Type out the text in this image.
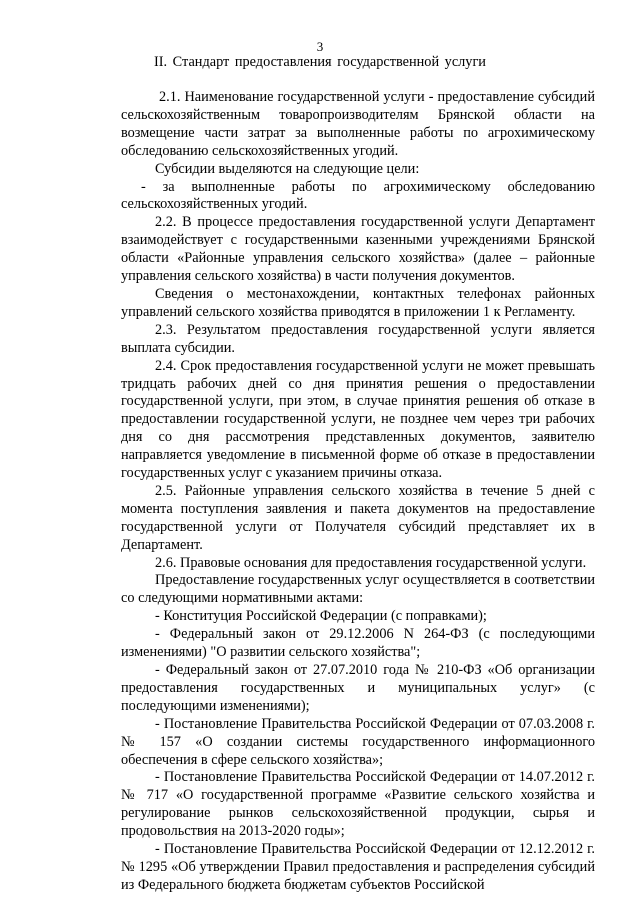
3
II. Стандарт предоставления государственной услуги

2.1. Наименование государственной услуги - предоставление субсидий сельскохозяйственным товаропроизводителям Брянской области на возмещение части затрат за выполненные работы по агрохимическому обследованию сельскохозяйственных угодий.

Субсидии выделяются на следующие цели:

- за выполненные работы по агрохимическому обследованию сельскохозяйственных угодий.

2.2. В процессе предоставления государственной услуги Департамент взаимодействует с государственными казенными учреждениями Брянской области «Районные управления сельского хозяйства» (далее – районные управления сельского хозяйства) в части получения документов.

Сведения о местонахождении, контактных телефонах районных управлений сельского хозяйства приводятся в приложении 1 к Регламенту.

2.3. Результатом предоставления государственной услуги является выплата субсидии.

2.4. Срок предоставления государственной услуги не может превышать тридцать рабочих дней со дня принятия решения о предоставлении государственной услуги, при этом, в случае принятия решения об отказе в предоставлении государственной услуги, не позднее чем через три рабочих дня со дня рассмотрения представленных документов, заявителю направляется уведомление в письменной форме об отказе в предоставлении государственных услуг с указанием причины отказа.

2.5. Районные управления сельского хозяйства в течение 5 дней с момента поступления заявления и пакета документов на предоставление государственной услуги от Получателя субсидий представляет их в Департамент.

2.6. Правовые основания для предоставления государственной услуги.

Предоставление государственных услуг осуществляется в соответствии со следующими нормативными актами:

- Конституция Российской Федерации (с поправками);

- Федеральный закон от 29.12.2006 N 264-ФЗ (с последующими изменениями) "О развитии сельского хозяйства";

- Федеральный закон от 27.07.2010 года № 210-ФЗ «Об организации предоставления государственных и муниципальных услуг» (с последующими изменениями);

- Постановление Правительства Российской Федерации от 07.03.2008 г. № 157 «О создании системы государственного информационного обеспечения в сфере сельского хозяйства»;

- Постановление Правительства Российской Федерации от 14.07.2012 г. № 717 «О государственной программе «Развитие сельского хозяйства и регулирование рынков сельскохозяйственной продукции, сырья и продовольствия на 2013-2020 годы»;

- Постановление Правительства Российской Федерации от 12.12.2012 г. № 1295 «Об утверждении Правил предоставления и распределения субсидий из Федерального бюджета бюджетам субъектов Российской
